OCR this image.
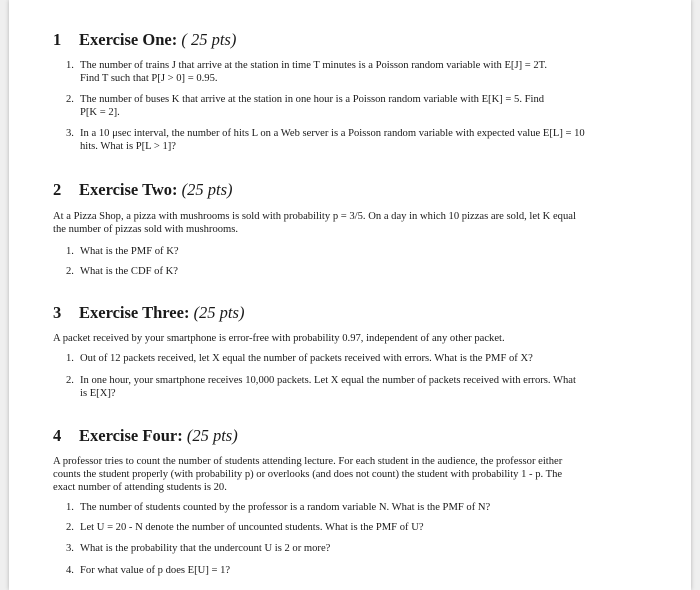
1 Exercise One: ( 25 pts)
1. The number of trains J that arrive at the station in time T minutes is a Poisson random variable with E[J] = 2T.
Find T such that P[J > 0] = 0.95.
2. The number of buses K that arrive at the station in one hour is a Poisson random variable with E[K] = 5. Find
P[K = 2].
3. In a 10 μsec interval, the number of hits L on a Web server is a Poisson random variable with expected value E[L] = 10
hits. What is P[L > 1]?
2 Exercise Two: (25 pts)
At a Pizza Shop, a pizza with mushrooms is sold with probability p = 3/5. On a day in which 10 pizzas are sold, let K equal
the number of pizzas sold with mushrooms.
1. What is the PMF of K?
2. What is the CDF of K?
3 Exercise Three: (25 pts)
A packet received by your smartphone is error-free with probability 0.97, independent of any other packet.
1. Out of 12 packets received, let X equal the number of packets received with errors. What is the PMF of X?
2. In one hour, your smartphone receives 10,000 packets. Let X equal the number of packets received with errors. What
is E[X]?
4 Exercise Four: (25 pts)
A professor tries to count the number of students attending lecture. For each student in the audience, the professor either
counts the student properly (with probability p) or overlooks (and does not count) the student with probability 1 - p. The
exact number of attending students is 20.
1. The number of students counted by the professor is a random variable N. What is the PMF of N?
2. Let U = 20 - N denote the number of uncounted students. What is the PMF of U?
3. What is the probability that the undercount U is 2 or more?
4. For what value of p does E[U] = 1?
